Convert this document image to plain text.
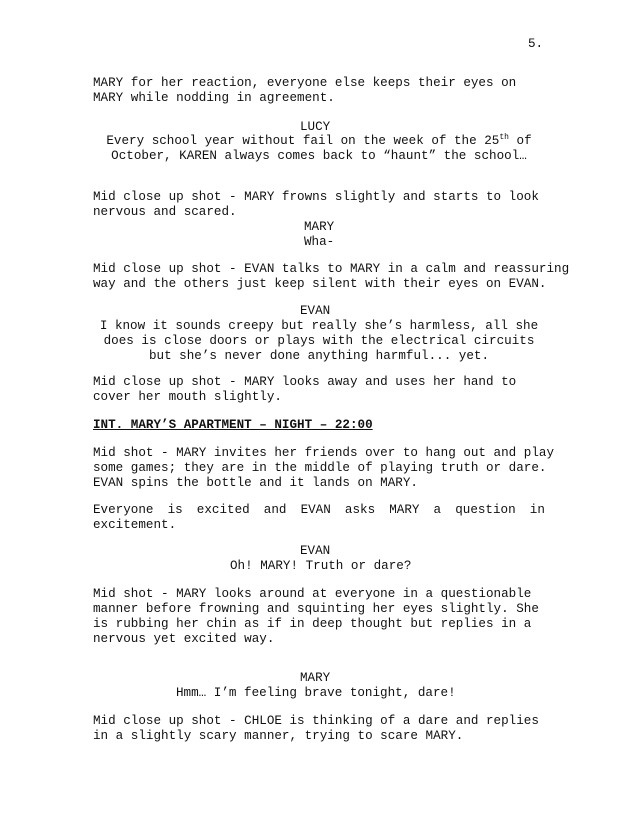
5.
MARY for her reaction, everyone else keeps their eyes on
MARY while nodding in agreement.
LUCY
Every school year without fail on the week of the 25th of
October, KAREN always comes back to “haunt” the school…
Mid close up shot - MARY frowns slightly and starts to look
nervous and scared.
MARY
Wha-
Mid close up shot - EVAN talks to MARY in a calm and reassuring
way and the others just keep silent with their eyes on EVAN.
EVAN
I know it sounds creepy but really she’s harmless, all she
does is close doors or plays with the electrical circuits
but she’s never done anything harmful... yet.
Mid close up shot - MARY looks away and uses her hand to
cover her mouth slightly.
INT. MARY’S APARTMENT – NIGHT – 22:00
Mid shot - MARY invites her friends over to hang out and play
some games; they are in the middle of playing truth or dare.
EVAN spins the bottle and it lands on MARY.
Everyone is excited and EVAN asks MARY a question in
excitement.
EVAN
Oh! MARY! Truth or dare?
Mid shot - MARY looks around at everyone in a questionable
manner before frowning and squinting her eyes slightly. She
is rubbing her chin as if in deep thought but replies in a
nervous yet excited way.
MARY
Hmm… I’m feeling brave tonight, dare!
Mid close up shot - CHLOE is thinking of a dare and replies
in a slightly scary manner, trying to scare MARY.
